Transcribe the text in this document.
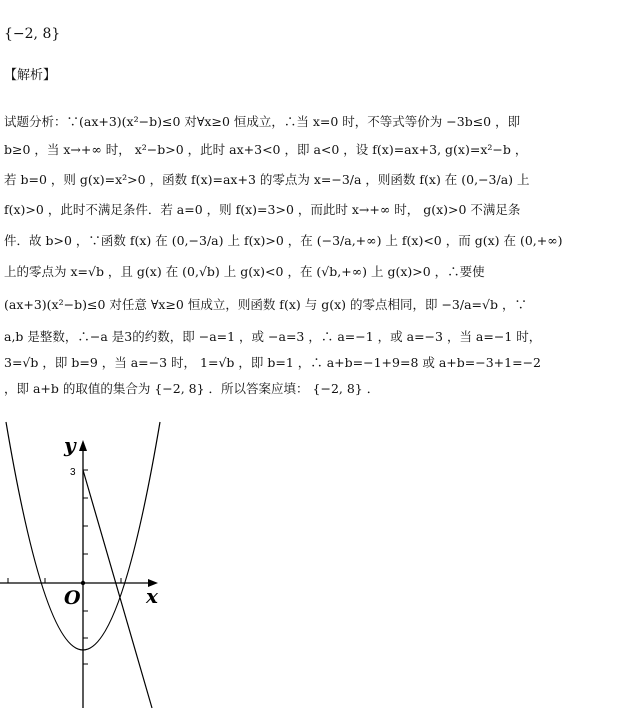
{−2, 8}
【解析】
试题分析：∵(ax+3)(x²−b)≤0 对∀x≥0 恒成立，∴当 x=0 时，不等式等价为 −3b≤0 ，即
b≥0 ，当 x→+∞ 时， x²−b>0 ，此时 ax+3<0 ，即 a<0 ，设 f(x)=ax+3, g(x)=x²−b ，
若 b=0 ，则 g(x)=x²>0 ，函数 f(x)=ax+3 的零点为 x=−3/a ，则函数 f(x) 在 (0,−3/a) 上
f(x)>0 ，此时不满足条件．若 a=0 ，则 f(x)=3>0 ，而此时 x→+∞ 时， g(x)>0 不满足条
件．故 b>0 ，∵函数 f(x) 在 (0,−3/a) 上 f(x)>0 ，在 (−3/a,+∞) 上 f(x)<0 ，而 g(x) 在 (0,+∞)
上的零点为 x=√b ，且 g(x) 在 (0,√b) 上 g(x)<0 ，在 (√b,+∞) 上 g(x)>0 ，∴要使
(ax+3)(x²−b)≤0 对任意 ∀x≥0 恒成立，则函数 f(x) 与 g(x) 的零点相同，即 −3/a=√b ，∵
a,b 是整数，∴−a 是3的约数，即 −a=1 ，或 −a=3 ，∴ a=−1 ，或 a=−3 ，当 a=−1 时，
3=√b ，即 b=9 ，当 a=−3 时， 1=√b ，即 b=1 ，∴ a+b=−1+9=8 或 a+b=−3+1=−2
，即 a+b 的取值的集合为 {−2, 8} ．所以答案应填： {−2, 8} ．
y
x
O
3
